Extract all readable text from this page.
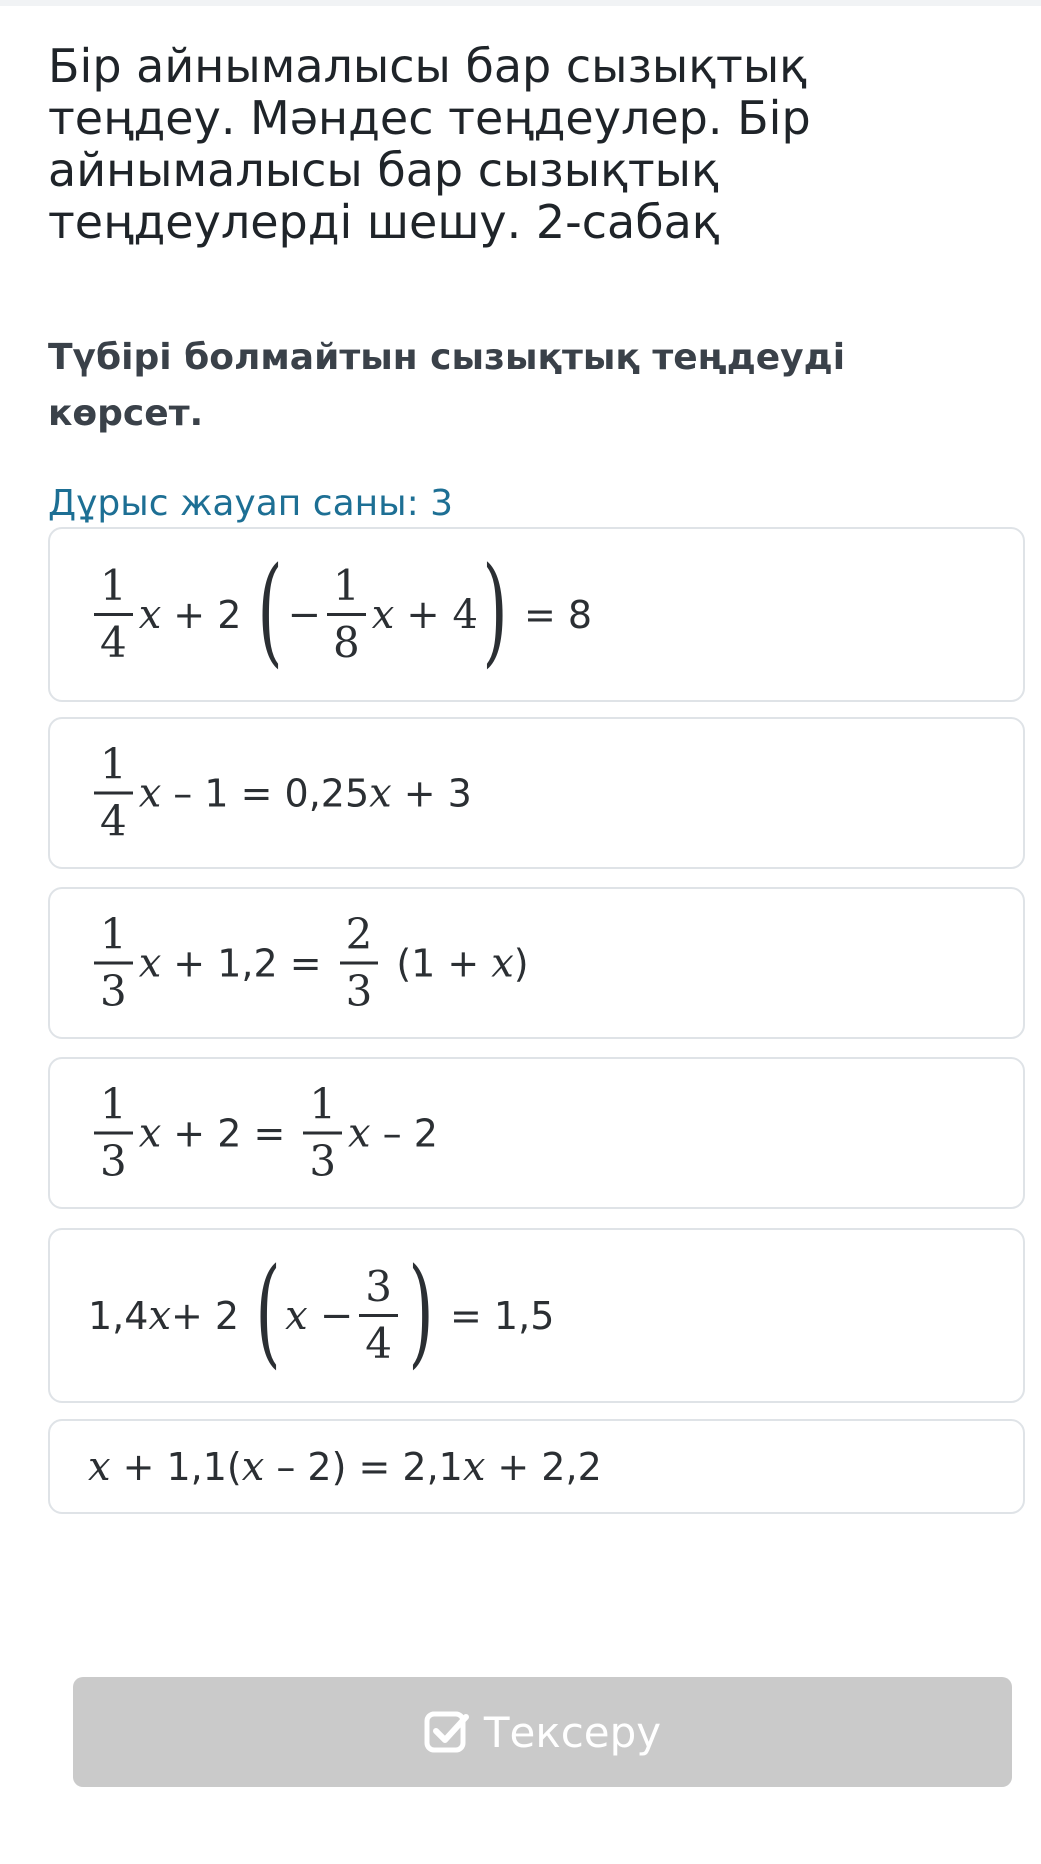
Бір айнымалысы бар сызықтық теңдеу. Мәндес теңдеулер. Бір айнымалысы бар сызықтық теңдеулерді шешу. 2-сабақ
Түбірі болмайтын сызықтық теңдеуді көрсет.
Дұрыс жауап саны: 3
$\frac{1}{4}$ x + 2 ( − $\frac{1}{8}$ x + 4 ) = 8
$\frac{1}{4}$ x – 1 = 0,25 x + 3
$\frac{1}{3}$ $x + 1,2 = \frac{2}{3} (1 + x$ )
$\frac{1}{3}$ $x + 2 = \frac{1}{3}$ x – 2
1,4 x + 2 ( $x - \frac{3}{4}$ ) = 1,5
x + 1,1( x – 2) = 2,1 x + 2,2
Тексеру
